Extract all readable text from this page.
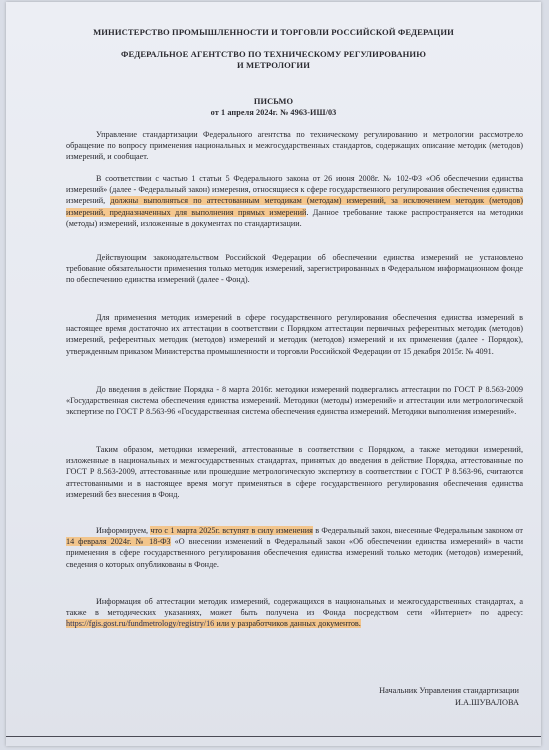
МИНИСТЕРСТВО ПРОМЫШЛЕННОСТИ И ТОРГОВЛИ РОССИЙСКОЙ ФЕДЕРАЦИИ
ФЕДЕРАЛЬНОЕ АГЕНТСТВО ПО ТЕХНИЧЕСКОМУ РЕГУЛИРОВАНИЮ
И МЕТРОЛОГИИ
ПИСЬМО
от 1 апреля 2024г. № 4963-ИШ/03
Управление стандартизации Федерального агентства по техническому регулированию и метрологии рассмотрело обращение по вопросу применения национальных и межгосударственных стандартов, содержащих описание методик (методов) измерений, и сообщает.
В соответствии с частью 1 статьи 5 Федерального закона от 26 июня 2008г. № 102-ФЗ «Об обеспечении единства измерений» (далее - Федеральный закон) измерения, относящиеся к сфере государственного регулирования обеспечения единства измерений, должны выполняться по аттестованным методикам (методам) измерений, за исключением методик (методов) измерений, предназначенных для выполнения прямых измерений. Данное требование также распространяется на методики (методы) измерений, изложенные в документах по стандартизации.
Действующим законодательством Российской Федерации об обеспечении единства измерений не установлено требование обязательности применения только методик измерений, зарегистрированных в Федеральном информационном фонде по обеспечению единства измерений (далее - Фонд).
Для применения методик измерений в сфере государственного регулирования обеспечения единства измерений в настоящее время достаточно их аттестации в соответствии с Порядком аттестации первичных референтных методик (методов) измерений, референтных методик (методов) измерений и методик (методов) измерений и их применения (далее - Порядок), утвержденным приказом Министерства промышленности и торговли Российской Федерации от 15 декабря 2015г. № 4091.
До введения в действие Порядка - 8 марта 2016г. методики измерений подвергались аттестации по ГОСТ Р 8.563-2009 «Государственная система обеспечения единства измерений. Методики (методы) измерений» и аттестации или метрологической экспертизе по ГОСТ Р 8.563-96 «Государственная система обеспечения единства измерений. Методики выполнения измерений».
Таким образом, методики измерений, аттестованные в соответствии с Порядком, а также методики измерений, изложенные в национальных и межгосударственных стандартах, принятых до введения в действие Порядка, аттестованные по ГОСТ Р 8.563-2009, аттестованные или прошедшие метрологическую экспертизу в соответствии с ГОСТ Р 8.563-96, считаются аттестованными и в настоящее время могут применяться в сфере государственного регулирования обеспечения единства измерений без внесения в Фонд.
Информируем, что с 1 марта 2025г. вступят в силу изменения в Федеральный закон, внесенные Федеральным законом от 14 февраля 2024г. № 18-ФЗ «О внесении изменений в Федеральный закон «Об обеспечении единства измерений» в части применения в сфере государственного регулирования обеспечения единства измерений только методик (методов) измерений, сведения о которых опубликованы в Фонде.
Информация об аттестации методик измерений, содержащихся в национальных и межгосударственных стандартах, а также в методических указаниях, может быть получена из Фонда посредством сети «Интернет» по адресу: https://fgis.gost.ru/fundmetrology/registry/16 или у разработчиков данных документов.
Начальник Управления стандартизации
И.А.ШУВАЛОВА
